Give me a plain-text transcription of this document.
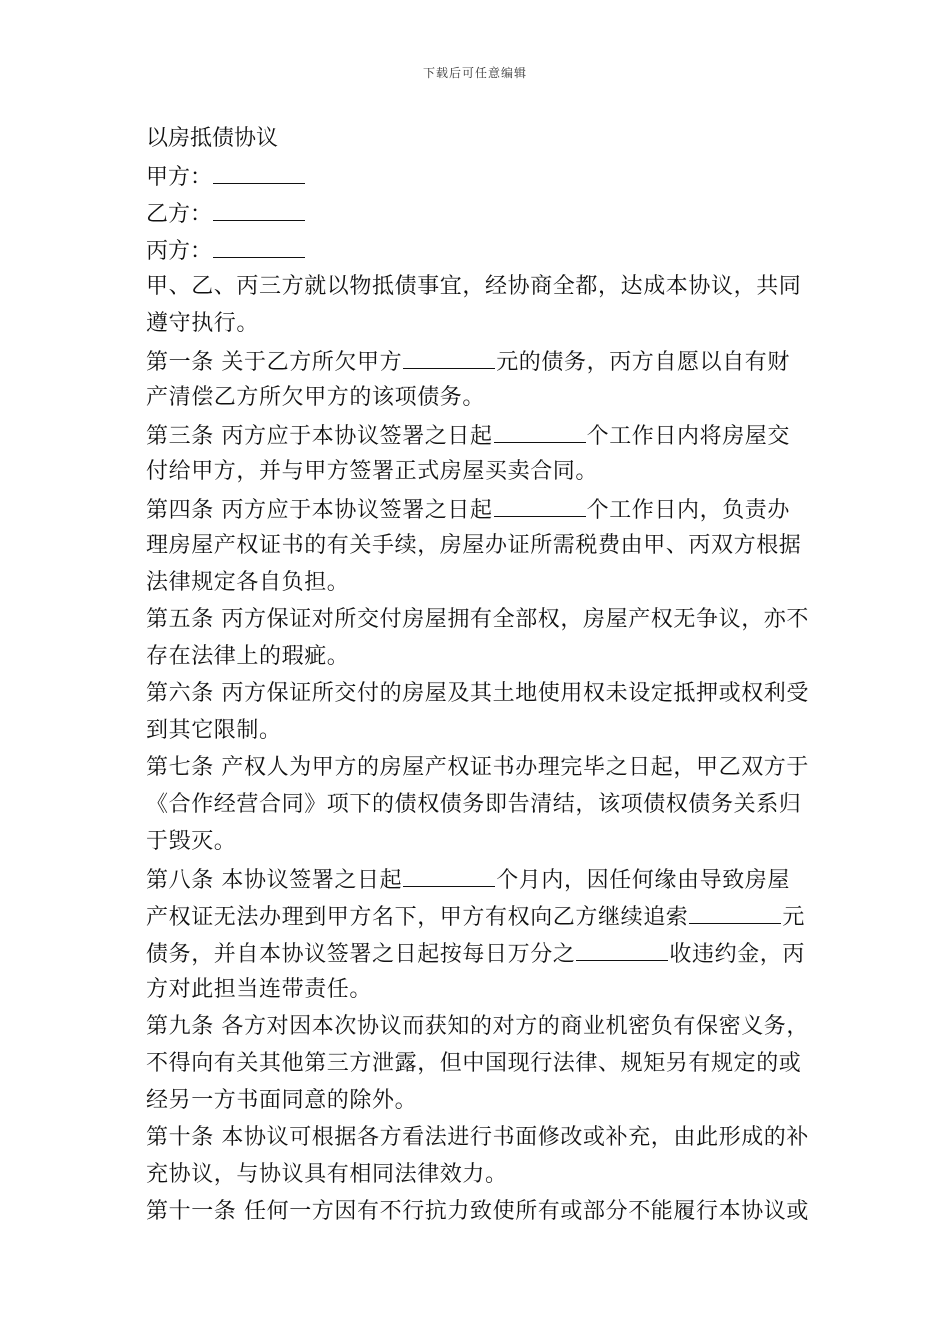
下载后可任意编辑
以房抵债协议
甲方：
乙方：
丙方：
甲、乙、丙三方就以物抵债事宜，经协商全都，达成本协议，共同
遵守执行。
第一条 关于乙方所欠甲方	元的债务，丙方自愿以自有财
产清偿乙方所欠甲方的该项债务。
第三条 丙方应于本协议签署之日起	个工作日内将房屋交
付给甲方，并与甲方签署正式房屋买卖合同。
第四条 丙方应于本协议签署之日起	个工作日内，负责办
理房屋产权证书的有关手续，房屋办证所需税费由甲、丙双方根据
法律规定各自负担。
第五条 丙方保证对所交付房屋拥有全部权，房屋产权无争议，亦不
存在法律上的瑕疵。
第六条 丙方保证所交付的房屋及其土地使用权未设定抵押或权利受
到其它限制。
第七条 产权人为甲方的房屋产权证书办理完毕之日起，甲乙双方于
《合作经营合同》项下的债权债务即告清结，该项债权债务关系归
于毁灭。
第八条 本协议签署之日起	个月内，因任何缘由导致房屋
产权证无法办理到甲方名下，甲方有权向乙方继续追索	元
债务，并自本协议签署之日起按每日万分之	收违约金，丙
方对此担当连带责任。
第九条 各方对因本次协议而获知的对方的商业机密负有保密义务，
不得向有关其他第三方泄露，但中国现行法律、规矩另有规定的或
经另一方书面同意的除外。
第十条 本协议可根据各方看法进行书面修改或补充，由此形成的补
充协议，与协议具有相同法律效力。
第十一条 任何一方因有不行抗力致使所有或部分不能履行本协议或
